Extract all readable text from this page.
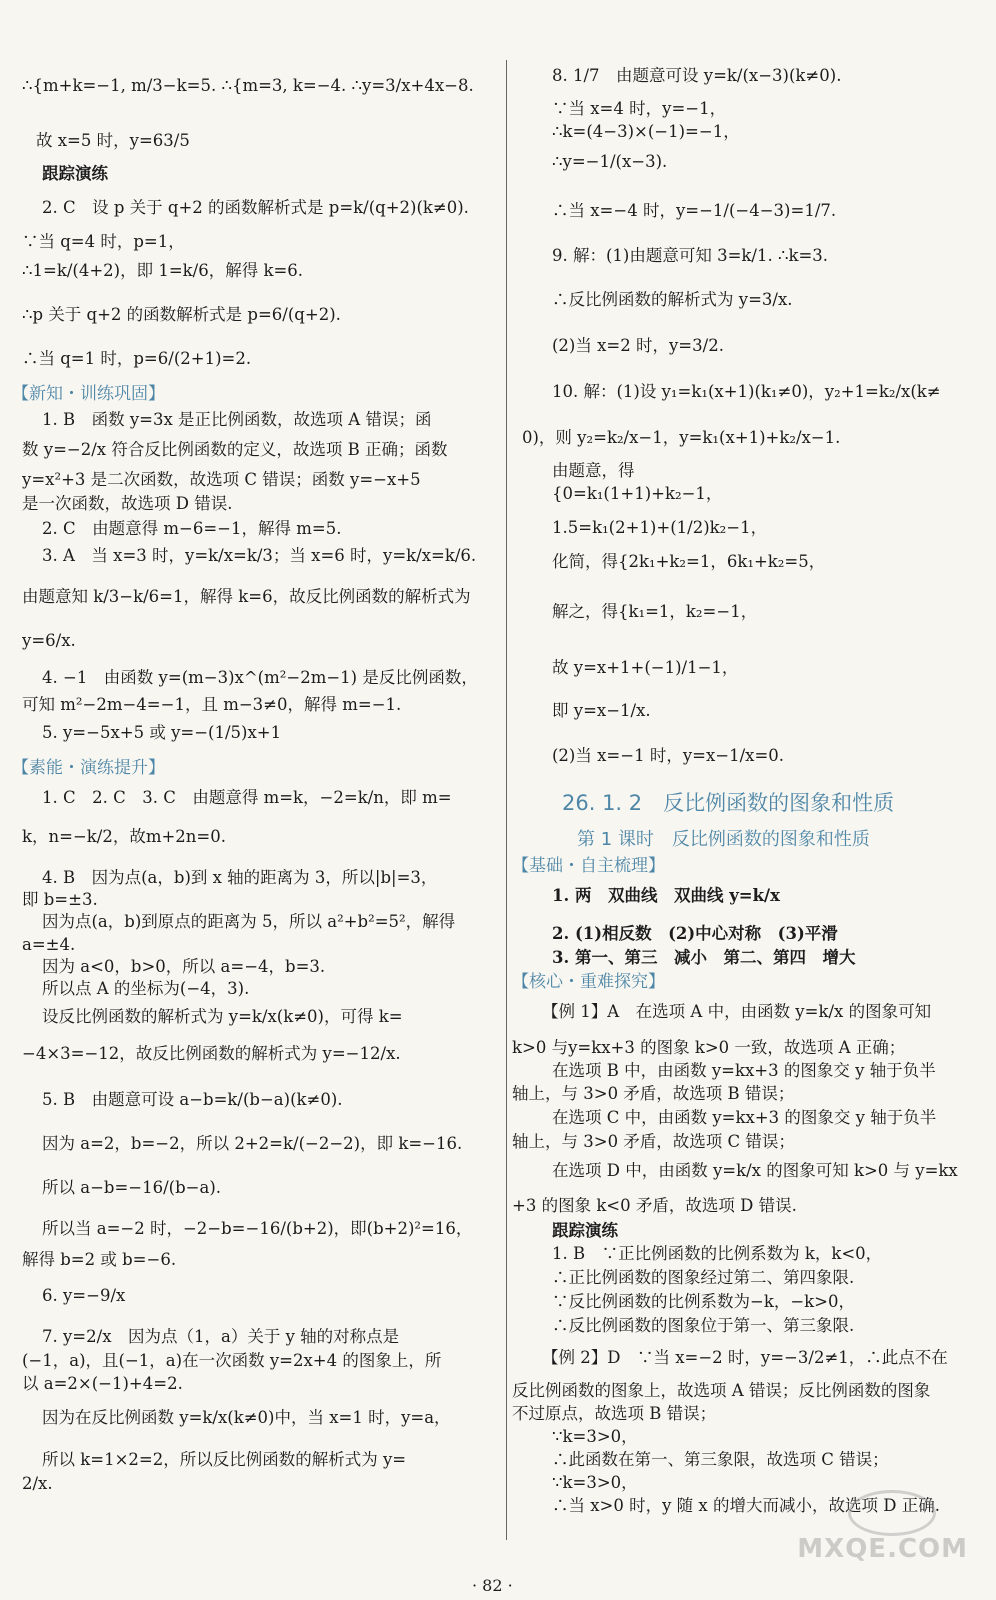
∴{m+k=−1, m/3−k=5. ∴{m=3, k=−4. ∴y=3/x+4x−8.
故 x=5 时，y=63/5
跟踪演练
2. C　设 p 关于 q+2 的函数解析式是 p=k/(q+2)(k≠0).
∵当 q=4 时，p=1，
∴1=k/(4+2)，即 1=k/6，解得 k=6.
∴p 关于 q+2 的函数解析式是 p=6/(q+2).
∴当 q=1 时，p=6/(2+1)=2.
【新知・训练巩固】
1. B　函数 y=3x 是正比例函数，故选项 A 错误；函
数 y=−2/x 符合反比例函数的定义，故选项 B 正确；函数
y=x²+3 是二次函数，故选项 C 错误；函数 y=−x+5
是一次函数，故选项 D 错误.
2. C　由题意得 m−6=−1，解得 m=5.
3. A　当 x=3 时，y=k/x=k/3；当 x=6 时，y=k/x=k/6.
由题意知 k/3−k/6=1，解得 k=6，故反比例函数的解析式为
y=6/x.
4. −1　由函数 y=(m−3)x^(m²−2m−1) 是反比例函数，
可知 m²−2m−4=−1，且 m−3≠0，解得 m=−1.
5. y=−5x+5 或 y=−(1/5)x+1
【素能・演练提升】
1. C　2. C　3. C　由题意得 m=k，−2=k/n，即 m=
k，n=−k/2，故m+2n=0.
4. B　因为点(a，b)到 x 轴的距离为 3，所以|b|=3，
即 b=±3.
因为点(a，b)到原点的距离为 5，所以 a²+b²=5²，解得
a=±4.
因为 a<0，b>0，所以 a=−4，b=3.
所以点 A 的坐标为(−4，3).
设反比例函数的解析式为 y=k/x(k≠0)，可得 k=
−4×3=−12，故反比例函数的解析式为 y=−12/x.
5. B　由题意可设 a−b=k/(b−a)(k≠0).
因为 a=2，b=−2，所以 2+2=k/(−2−2)，即 k=−16.
所以 a−b=−16/(b−a).
所以当 a=−2 时，−2−b=−16/(b+2)，即(b+2)²=16，
解得 b=2 或 b=−6.
6. y=−9/x
7. y=2/x　因为点（1，a）关于 y 轴的对称点是
(−1，a)，且(−1，a)在一次函数 y=2x+4 的图象上，所
以 a=2×(−1)+4=2.
因为在反比例函数 y=k/x(k≠0)中，当 x=1 时，y=a，
所以 k=1×2=2，所以反比例函数的解析式为 y=
2/x.
26. 1. 2　反比例函数的图象和性质
第 1 课时　反比例函数的图象和性质
8. 1/7　由题意可设 y=k/(x−3)(k≠0).
∵当 x=4 时，y=−1，
∴k=(4−3)×(−1)=−1，
∴y=−1/(x−3).
∴当 x=−4 时，y=−1/(−4−3)=1/7.
9. 解：(1)由题意可知 3=k/1. ∴k=3.
∴反比例函数的解析式为 y=3/x.
(2)当 x=2 时，y=3/2.
10. 解：(1)设 y₁=k₁(x+1)(k₁≠0)，y₂+1=k₂/x(k≠
0)，则 y₂=k₂/x−1，y=k₁(x+1)+k₂/x−1.
由题意，得
{0=k₁(1+1)+k₂−1，
1.5=k₁(2+1)+(1/2)k₂−1，
化简，得{2k₁+k₂=1，6k₁+k₂=5，
解之，得{k₁=1，k₂=−1，
故 y=x+1+(−1)/1−1，
即 y=x−1/x.
(2)当 x=−1 时，y=x−1/x=0.
【基础・自主梳理】
1. 两　双曲线　双曲线 y=k/x
2. (1)相反数　(2)中心对称　(3)平滑
3. 第一、第三　减小　第二、第四　增大
【核心・重难探究】
【例 1】A　在选项 A 中，由函数 y=k/x 的图象可知
k>0 与y=kx+3 的图象 k>0 一致，故选项 A 正确；
在选项 B 中，由函数 y=kx+3 的图象交 y 轴于负半
轴上，与 3>0 矛盾，故选项 B 错误；
在选项 C 中，由函数 y=kx+3 的图象交 y 轴于负半
轴上，与 3>0 矛盾，故选项 C 错误；
在选项 D 中，由函数 y=k/x 的图象可知 k>0 与 y=kx
+3 的图象 k<0 矛盾，故选项 D 错误.
跟踪演练
1. B　∵正比例函数的比例系数为 k，k<0，
∴正比例函数的图象经过第二、第四象限.
∵反比例函数的比例系数为−k，−k>0，
∴反比例函数的图象位于第一、第三象限.
【例 2】D　∵当 x=−2 时，y=−3/2≠1，∴此点不在
反比例函数的图象上，故选项 A 错误；反比例函数的图象
不过原点，故选项 B 错误；
∵k=3>0，
∴此函数在第一、第三象限，故选项 C 错误；
∵k=3>0，
∴当 x>0 时，y 随 x 的增大而减小，故选项 D 正确.
· 82 ·
MXQE.COM
